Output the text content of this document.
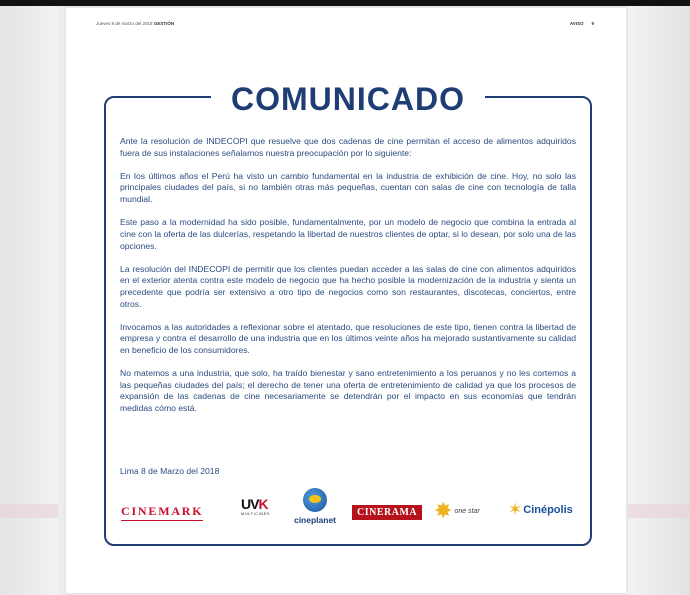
Jueves 8 de marzo del 2018 GESTIÓN	AVISO 9
COMUNICADO

Ante la resolución de INDECOPI que resuelve que dos cadenas de cine permitan el acceso de alimentos adquiridos fuera de sus instalaciones señalamos nuestra preocupación por lo siguiente:

En los últimos años el Perú ha visto un cambio fundamental en la industria de exhibición de cine. Hoy, no solo las principales ciudades del país, si no también otras más pequeñas, cuentan con salas de cine con tecnología de talla mundial.

Este paso a la modernidad ha sido posible, fundamentalmente, por un modelo de negocio que combina la entrada al cine con la oferta de las dulcerías, respetando la libertad de nuestros clientes de optar, si lo desean, por solo una de las opciones.

La resolución del INDECOPI de permitir que los clientes puedan acceder a las salas de cine con alimentos adquiridos en el exterior atenta contra este modelo de negocio que ha hecho posible la modernización de la industria y sienta un precedente que podría ser extensivo a otro tipo de negocios como son restaurantes, discotecas, conciertos, entre otros.

Invocamos a las autoridades a reflexionar sobre el atentado, que resoluciones de este tipo, tienen contra la libertad de empresa y contra el desarrollo de una industria que en los últimos veinte años ha mejorado sustantivamente su calidad en beneficio de los consumidores.

No matemos a una industria, que solo, ha traído bienestar y sano entretenimiento a los peruanos y no les cortemos a las pequeñas ciudades del país; el derecho de tener una oferta de entretenimiento de calidad ya que los procesos de expansión de las cadenas de cine necesariamente se detendrán por el impacto en sus economías que tendrán medidas cómo está.

Lima 8 de Marzo del 2018
CINEMARK	UVK
MULTICINES
cineplanet
CINERAMA ✸ one star ✶ Cinépolis
